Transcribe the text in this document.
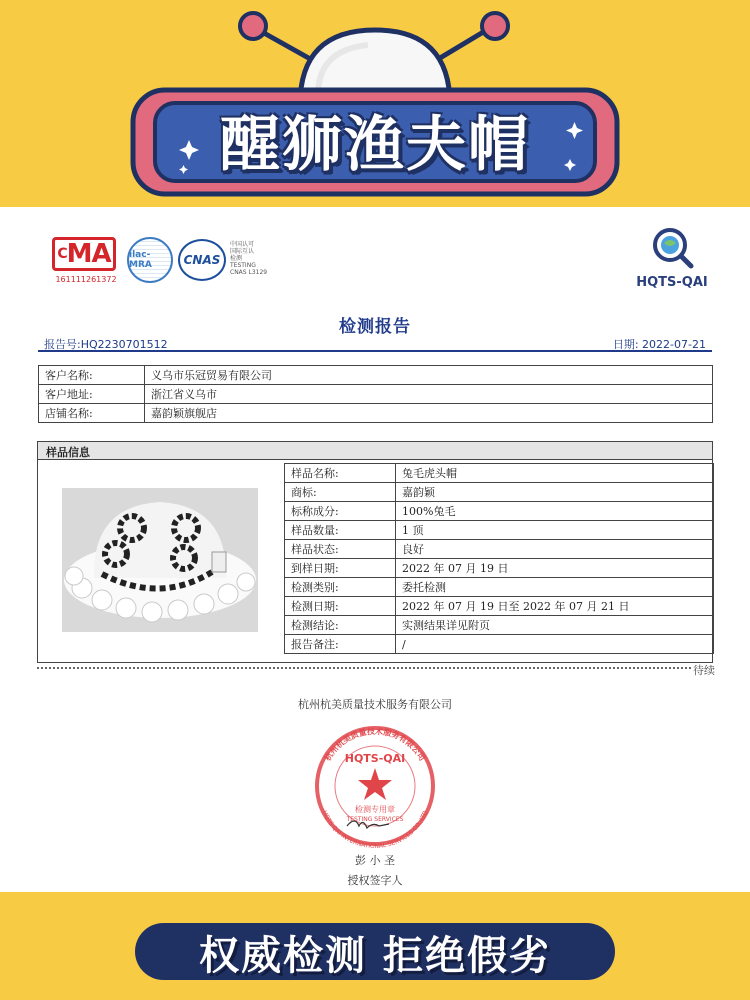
醒狮渔夫帽
$^C$MA
161111261372
ilac-MRA	CNAS
中国认可
国际互认
检测
TESTING
CNAS L3129
HQTS-QAI
检测报告
报告号:HQ2230701512	日期: 2022-07-21
客户名称:	义乌市乐冠贸易有限公司
客户地址:	浙江省义乌市
店铺名称:	嘉韵颖旗舰店
样品信息
样品名称:	兔毛虎头帽
商标:	嘉韵颖
标称成分:	100%兔毛
样品数量:	1 顶
样品状态:	良好
到样日期:	2022 年 07 月 19 日
检测类别:	委托检测
检测日期:	2022 年 07 月 19 日至 2022 年 07 月 21 日
检测结论:	实测结果详见附页
报告备注:	/
待续
杭州杭美质量技术服务有限公司
杭州杭美质量技术服务有限公司
HQTS QAI INTERNATIONAL SERVICES CO.,LTD
HQTS-QAI
检测专用章
TESTING SERVICES
彭 小 圣
授权签字人
权威检测 拒绝假劣
